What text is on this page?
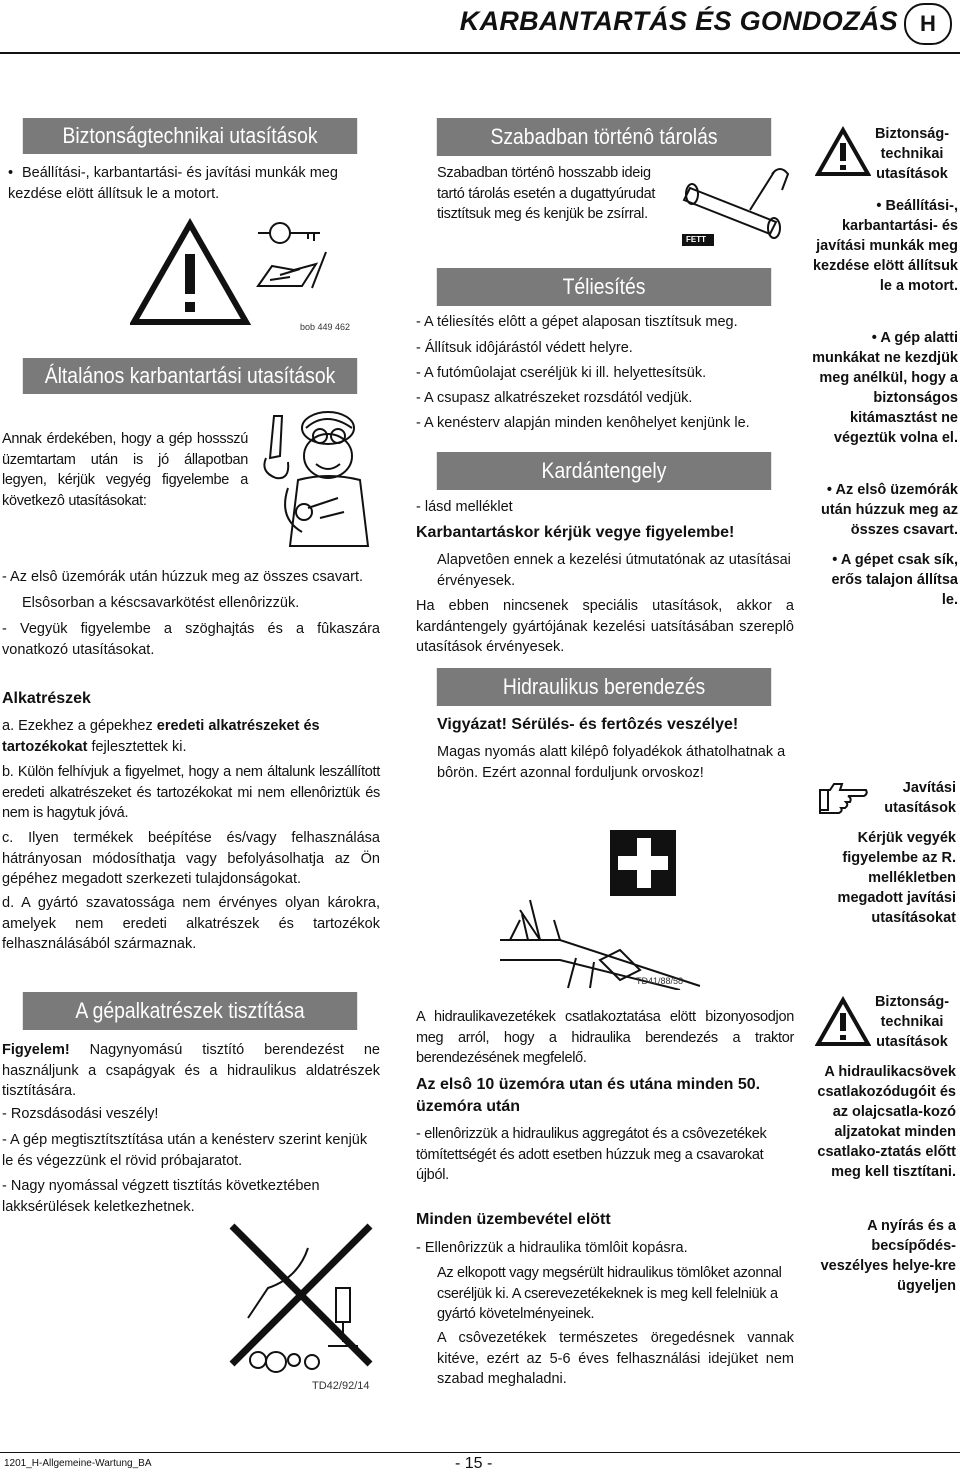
KARBANTARTÁS ÉS GONDOZÁS	H
Biztonságtechnikai utasítások
• Beállítási-, karbantartási- és javítási munkák meg kezdése elött állítsuk le a motort.
bob 449 462
Általános karbantartási utasítások
Annak érdekében, hogy a gép hossszú üzemtartam után is jó állapotban legyen, kérjük vegyég figyelembe a következô utasításokat:
- Az elsô üzemórák után húzzuk meg az összes csavart.
Elsôsorban a késcsavarkötést ellenôrizzük.
- Vegyük figyelembe a szöghajtás és a fûkaszára vonatkozó utasításokat.
Alkatrészek
a. Ezekhez a gépekhez eredeti alkatrészeket és tartozékokat fejlesztettek ki.
b. Külön felhívjuk a figyelmet, hogy a nem általunk leszállított eredeti alkatrészeket és tartozékokat mi nem ellenôriztük és nem is hagytuk jóvá.
c. Ilyen termékek beépítése és/vagy felhasználása hátrányosan módosíthatja vagy befolyásolhatja az Ön gépéhez megadott szerkezeti tulajdonságokat.
d. A gyártó szavatossága nem érvényes olyan károkra, amelyek nem eredeti alkatrészek és tartozékok felhasználásából származnak.
A gépalkatrészek tisztítása
Figyelem! Nagynyomású tisztító berendezést ne használjunk a csapágyak és a hidraulikus aldatrészek tisztítására.
- Rozsdásodási veszély!
- A gép megtisztítsztítása után a kenésterv szerint kenjük le és végezzünk el rövid próbajaratot.
- Nagy nyomással végzett tisztítás következtében lakksérülések keletkezhetnek.
TD42/92/14
Szabadban történô tárolás
Szabadban történô hosszabb ideig tartó tárolás esetén a dugattyúrudat tisztítsuk meg és kenjük be zsírral.
FETT
Téliesítés
- A téliesítés elôtt a gépet alaposan tisztítsuk meg.
- Állítsuk idôjárástól védett helyre.
- A futómûolajat cseréljük ki ill. helyettesítsük.
- A csupasz alkatrészeket rozsdától vedjük.
- A kenésterv alapján minden kenôhelyet kenjünk le.
Kardántengely
- lásd melléklet
Karbantartáskor kérjük vegye figyelembe!
Alapvetôen ennek a kezelési útmutatónak az utasításai érvényesek.
Ha ebben nincsenek speciális utasítások, akkor a kardántengely gyártójának kezelési uatsításában szereplô utasítások érvényesek.
Hidraulikus berendezés
Vigyázat! Sérülés- és fertôzés veszélye!
Magas nyomás alatt kilépô folyadékok áthatolhatnak a bôrön. Ezért azonnal forduljunk orvoskoz!
TD41/88/58
A hidraulikavezetékek csatlakoztatása elött bizonyosodjon meg arról, hogy a hidraulika berendezés a traktor berendezésének megfelelő.
Az elsô 10 üzemóra utan és utána minden 50. üzemóra után
- ellenôrizzük a hidraulikus aggregátot és a csôvezetékek tömítettségét és adott esetben húzzuk meg a csavarokat újból.
Minden üzembevétel elött
- Ellenôrizzük a hidraulika tömlôit kopásra.
Az elkopott vagy megsérült hidraulikus tömlôket azonnal cseréljük ki. A cserevezetékeknek is meg kell felelniük a gyártó követelményeinek.
A csôvezetékek természetes öregedésnek vannak kitéve, ezért az 5-6 éves felhasználási idejüket nem szabad meghaladni.
Biztonság-technikai utasítások
• Beállítási-, karbantartási- és javítási munkák meg kezdése elött állítsuk le a motort.
• A gép alatti munkákat ne kezdjük meg anélkül, hogy a biztonságos kitámasztást ne végeztük volna el.
• Az elsô üzemórák után húzzuk meg az összes csavart.
• A gépet csak sík, erős talajon állítsa le.
Javítási utasítások
Kérjük vegyék figyelembe az R. mellékletben megadott javítási utasításokat
Biztonság-technikai utasítások
A hidraulikacsövek csatlakozódugóit és az olajcsatla-kozó aljzatokat minden csatlako-ztatás előtt meg kell tisztítani.
A nyírás és a becsípődés-veszélyes helye-kre ügyeljen
1201_H-Allgemeine-Wartung_BA	- 15 -
